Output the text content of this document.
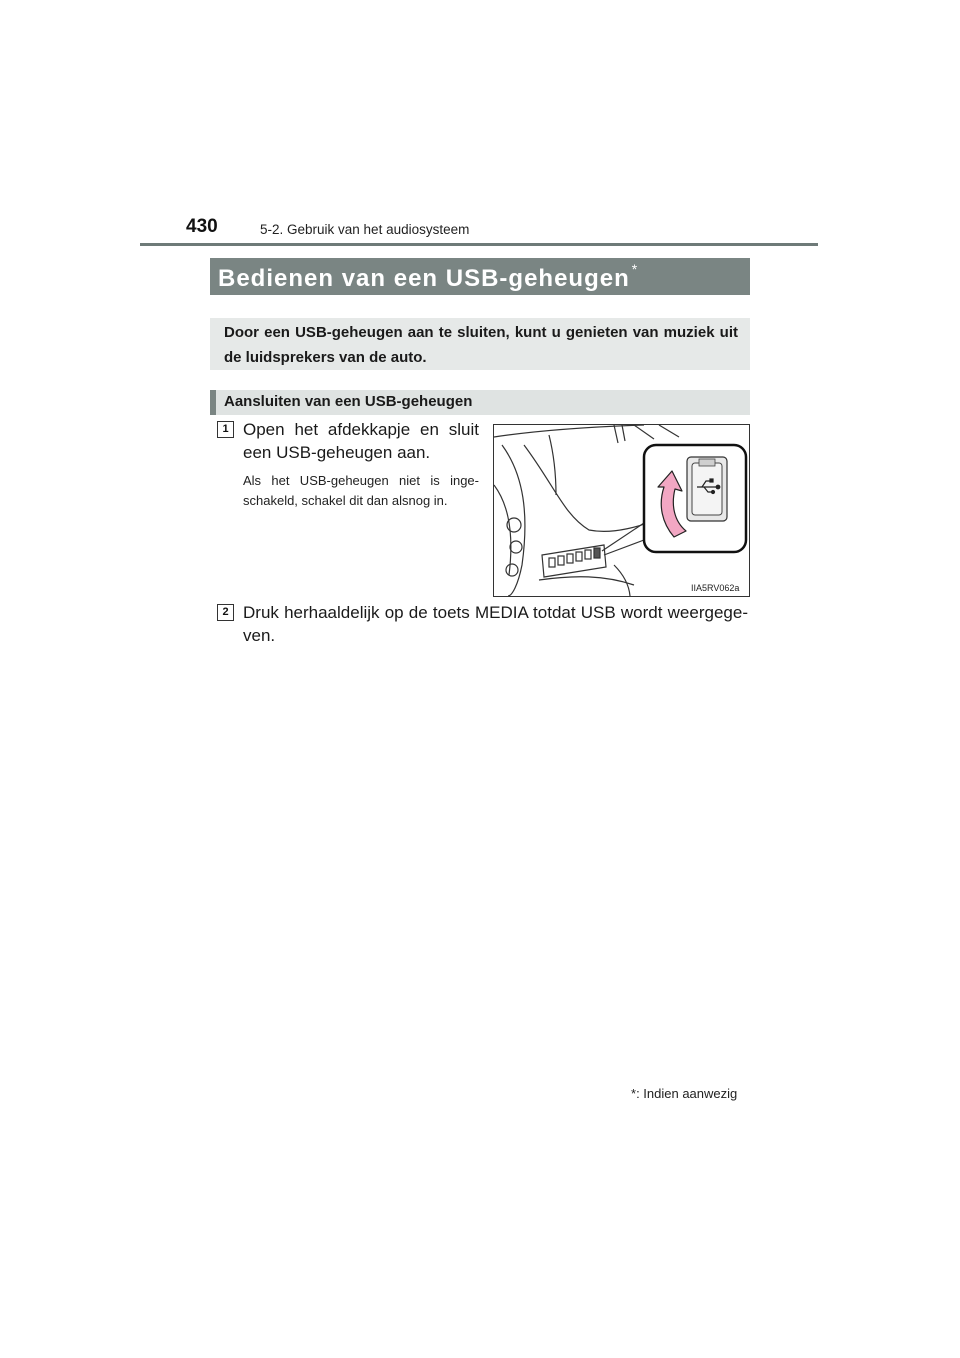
430	5-2. Gebruik van het audiosysteem
Bedienen van een USB-geheugen *
Door een USB-geheugen aan te sluiten, kunt u genieten van muziek uit de luidsprekers van de auto.
Aansluiten van een USB-geheugen
1 Open het afdekkapje en sluit een USB-geheugen aan.
Als het USB-geheugen niet is ingeschakeld, schakel dit dan alsnog in.
IIA5RV062a
2 Druk herhaaldelijk op de toets MEDIA totdat USB wordt weergegeven.
*: Indien aanwezig
